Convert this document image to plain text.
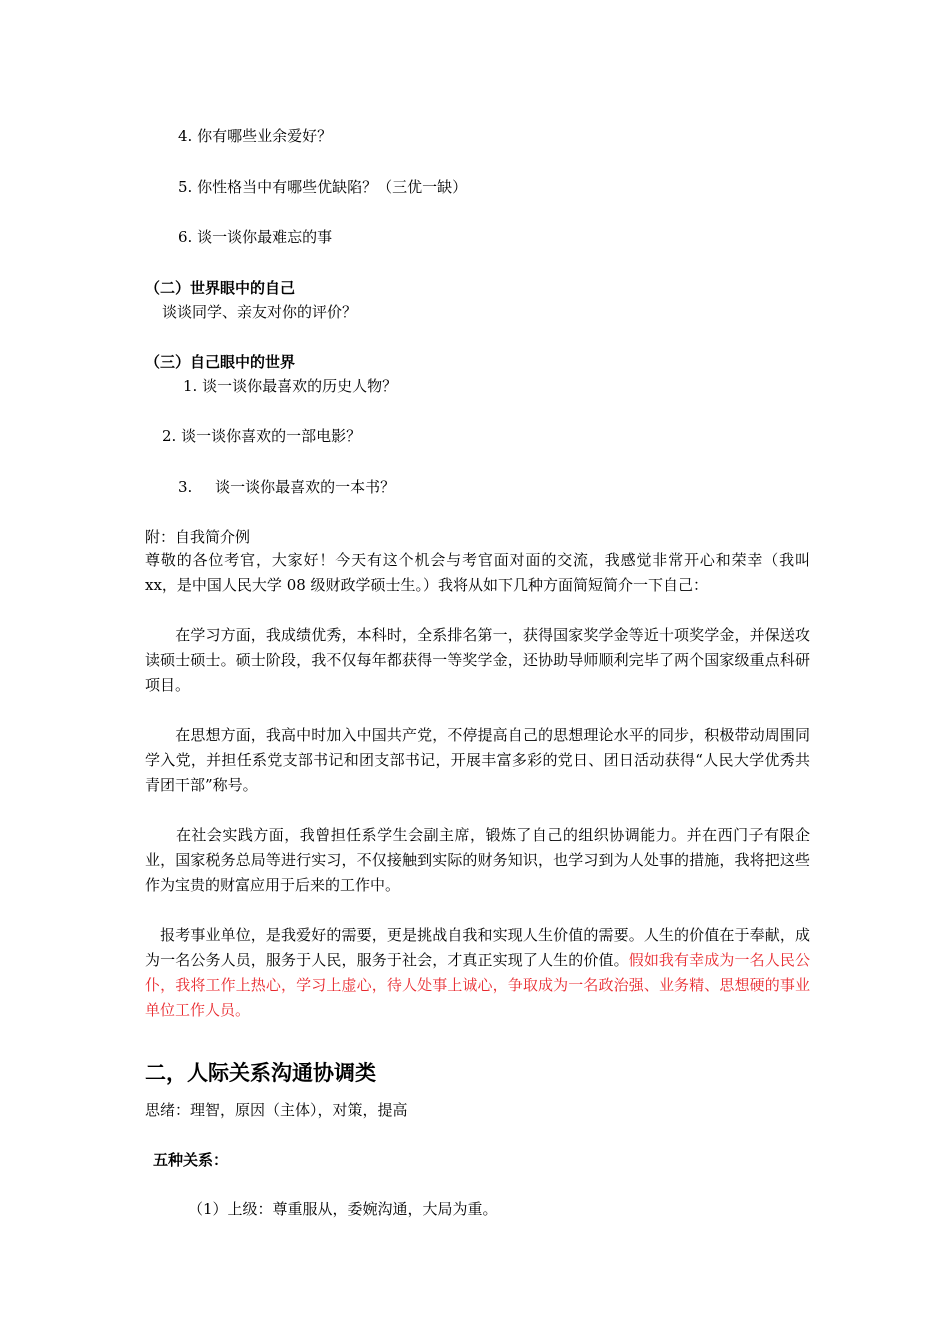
4. 你有哪些业余爱好？
5. 你性格当中有哪些优缺陷？（三优一缺）
6. 谈一谈你最难忘的事
（二）世界眼中的自己
谈谈同学、亲友对你的评价？
（三）自己眼中的世界
1. 谈一谈你最喜欢的历史人物？
2. 谈一谈你喜欢的一部电影？
3. 谈一谈你最喜欢的一本书？
附：自我简介例

尊敬的各位考官，大家好！今天有这个机会与考官面对面的交流，我感觉非常开心和荣幸（我叫 xx，是中国人民大学 08 级财政学硕士生。）我将从如下几种方面简短简介一下自己：

　　在学习方面，我成绩优秀，本科时，全系排名第一，获得国家奖学金等近十项奖学金，并保送攻读硕士硕士。硕士阶段，我不仅每年都获得一等奖学金，还协助导师顺利完毕了两个国家级重点科研项目。

　　在思想方面，我高中时加入中国共产党，不停提高自己的思想理论水平的同步，积极带动周围同学入党，并担任系党支部书记和团支部书记，开展丰富多彩的党日、团日活动获得“人民大学优秀共青团干部”称号。

　　在社会实践方面，我曾担任系学生会副主席，锻炼了自己的组织协调能力。并在西门子有限企业，国家税务总局等进行实习，不仅接触到实际的财务知识，也学习到为人处事的措施，我将把这些作为宝贵的财富应用于后来的工作中。

　报考事业单位，是我爱好的需要，更是挑战自我和实现人生价值的需要。人生的价值在于奉献，成为一名公务人员，服务于人民，服务于社会，才真正实现了人生的价值。假如我有幸成为一名人民公仆，我将工作上热心，学习上虚心，待人处事上诚心，争取成为一名政治强、业务精、思想硬的事业单位工作人员。

二，人际关系沟通协调类
思绪：理智，原因（主体），对策，提高
五种关系：
（1）上级：尊重服从，委婉沟通，大局为重。
